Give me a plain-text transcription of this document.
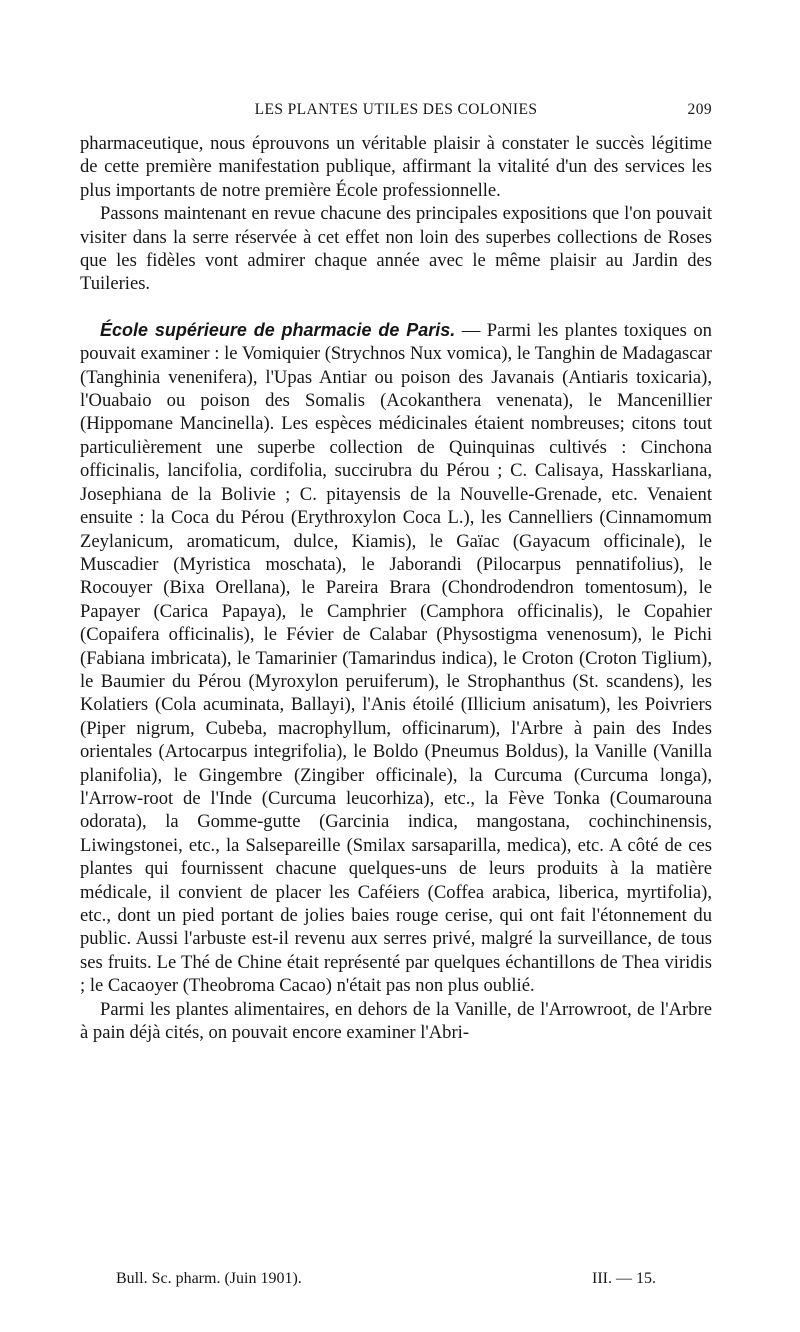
LES PLANTES UTILES DES COLONIES	209

pharmaceutique, nous éprouvons un véritable plaisir à constater le succès légitime de cette première manifestation publique, affirmant la vitalité d'un des services les plus importants de notre première École professionnelle.

Passons maintenant en revue chacune des principales expositions que l'on pouvait visiter dans la serre réservée à cet effet non loin des superbes collections de Roses que les fidèles vont admirer chaque année avec le même plaisir au Jardin des Tuileries.

École supérieure de pharmacie de Paris. — Parmi les plantes toxiques on pouvait examiner : le Vomiquier (Strychnos Nux vomica), le Tanghin de Madagascar (Tanghinia venenifera), l'Upas Antiar ou poison des Javanais (Antiaris toxicaria), l'Ouabaio ou poison des Somalis (Acokanthera venenata), le Mancenillier (Hippomane Mancinella). Les espèces médicinales étaient nombreuses; citons tout particulièrement une superbe collection de Quinquinas cultivés : Cinchona officinalis, lancifolia, cordifolia, succirubra du Pérou ; C. Calisaya, Hasskarliana, Josephiana de la Bolivie ; C. pitayensis de la Nouvelle-Grenade, etc. Venaient ensuite : la Coca du Pérou (Erythroxylon Coca L.), les Cannelliers (Cinnamomum Zeylanicum, aromaticum, dulce, Kiamis), le Gaïac (Gayacum officinale), le Muscadier (Myristica moschata), le Jaborandi (Pilocarpus pennatifolius), le Rocouyer (Bixa Orellana), le Pareira Brara (Chondrodendron tomentosum), le Papayer (Carica Papaya), le Camphrier (Camphora officinalis), le Copahier (Copaifera officinalis), le Févier de Calabar (Physostigma venenosum), le Pichi (Fabiana imbricata), le Tamarinier (Tamarindus indica), le Croton (Croton Tiglium), le Baumier du Pérou (Myroxylon peruiferum), le Strophanthus (St. scandens), les Kolatiers (Cola acuminata, Ballayi), l'Anis étoilé (Illicium anisatum), les Poivriers (Piper nigrum, Cubeba, macrophyllum, officinarum), l'Arbre à pain des Indes orientales (Artocarpus integrifolia), le Boldo (Pneumus Boldus), la Vanille (Vanilla planifolia), le Gingembre (Zingiber officinale), la Curcuma (Curcuma longa), l'Arrow-root de l'Inde (Curcuma leucorhiza), etc., la Fève Tonka (Coumarouna odorata), la Gomme-gutte (Garcinia indica, mangostana, cochinchinensis, Liwingstonei, etc., la Salsepareille (Smilax sarsaparilla, medica), etc. A côté de ces plantes qui fournissent chacune quelques-uns de leurs produits à la matière médicale, il convient de placer les Caféiers (Coffea arabica, liberica, myrtifolia), etc., dont un pied portant de jolies baies rouge cerise, qui ont fait l'étonnement du public. Aussi l'arbuste est-il revenu aux serres privé, malgré la surveillance, de tous ses fruits. Le Thé de Chine était représenté par quelques échantillons de Thea viridis ; le Cacaoyer (Theobroma Cacao) n'était pas non plus oublié.

Parmi les plantes alimentaires, en dehors de la Vanille, de l'Arrowroot, de l'Arbre à pain déjà cités, on pouvait encore examiner l'Abri-

Bull. Sc. pharm. (Juin 1901).	III. — 15.
